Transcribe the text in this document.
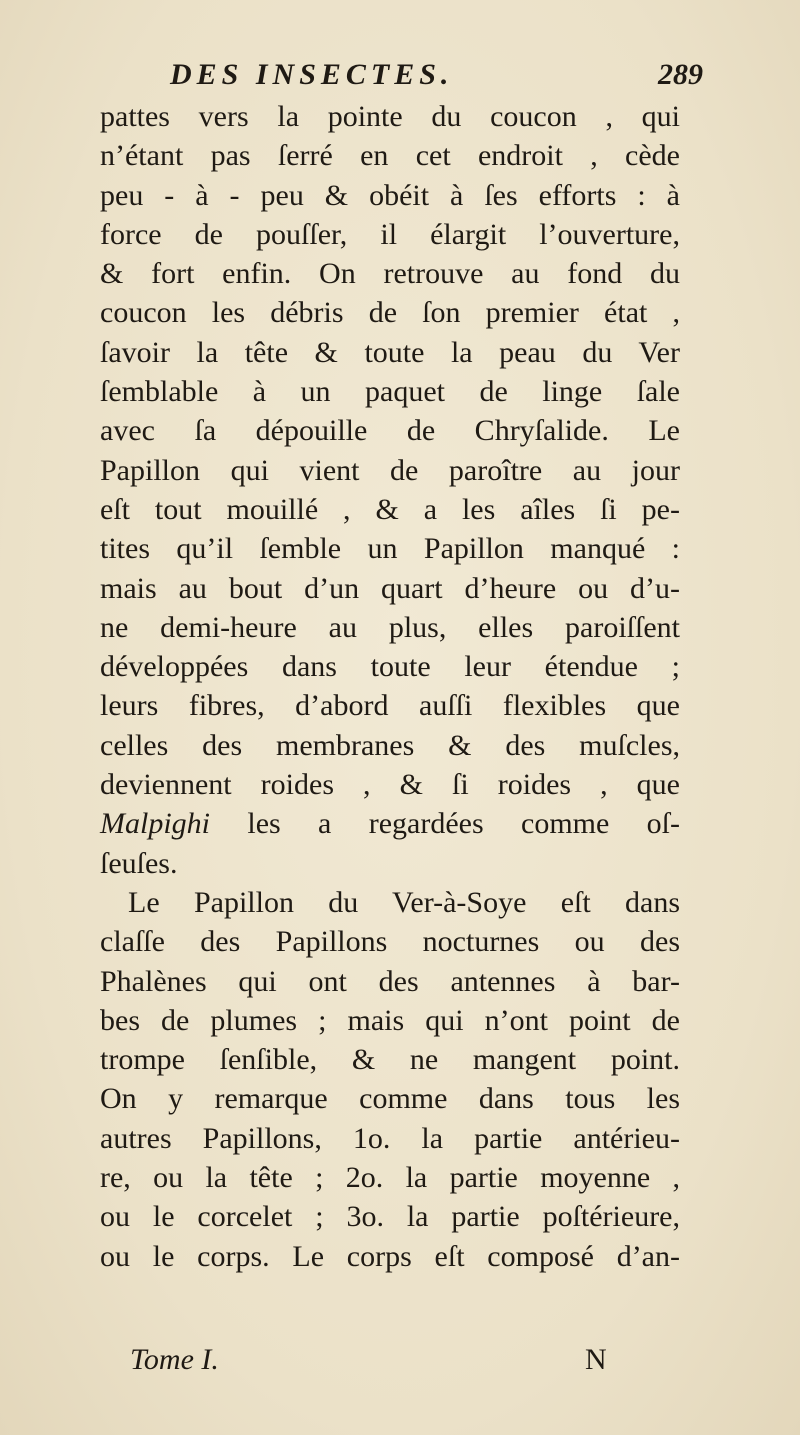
DES INSECTES.	289
pattes vers la pointe du coucon , qui
n’étant pas ſerré en cet endroit , cède
peu - à - peu & obéit à ſes efforts : à
force de pouſſer, il élargit l’ouverture,
& fort enfin. On retrouve au fond du
coucon les débris de ſon premier état ,
ſavoir la tête & toute la peau du Ver
ſemblable à un paquet de linge ſale
avec ſa dépouille de Chryſalide. Le
Papillon qui vient de paroître au jour
eſt tout mouillé , & a les aîles ſi pe-
tites qu’il ſemble un Papillon manqué :
mais au bout d’un quart d’heure ou d’u-
ne demi-heure au plus, elles paroiſſent
développées dans toute leur étendue ;
leurs fibres, d’abord auſſi flexibles que
celles des membranes & des muſcles,
deviennent roides , & ſi roides , que
Malpighi les a regardées comme oſ-
ſeuſes.
Le Papillon du Ver-à-Soye eſt dans
claſſe des Papillons nocturnes ou des
Phalènes qui ont des antennes à bar-
bes de plumes ; mais qui n’ont point de
trompe ſenſible, & ne mangent point.
On y remarque comme dans tous les
autres Papillons, 1o. la partie antérieu-
re, ou la tête ; 2o. la partie moyenne ,
ou le corcelet ; 3o. la partie poſtérieure,
ou le corps. Le corps eſt composé d’an-
Tome I.	N
